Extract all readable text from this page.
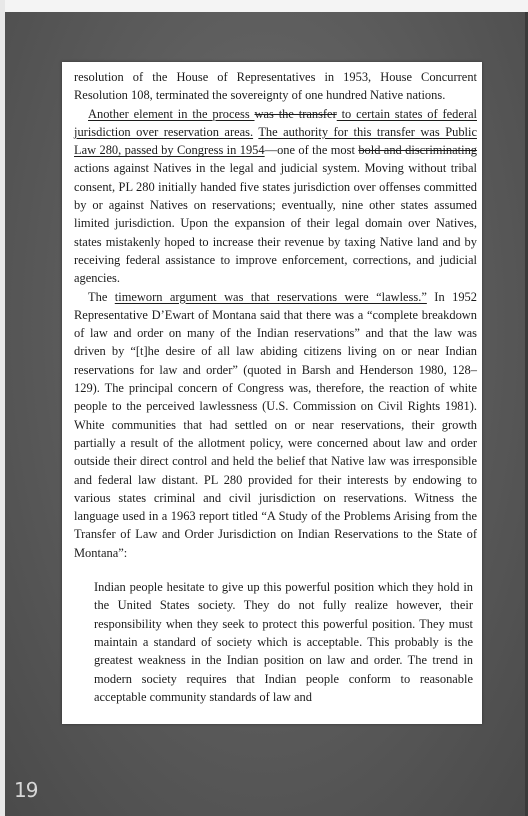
resolution of the House of Representatives in 1953, House Concurrent Resolution 108, terminated the sovereignty of one hundred Native nations.

Another element in the process was the transfer to certain states of federal jurisdiction over reservation areas. The authority for this transfer was Public Law 280, passed by Congress in 1954—one of the most bold and discriminating actions against Natives in the legal and judicial system. Moving without tribal consent, PL 280 initially handed five states jurisdiction over offenses committed by or against Natives on reservations; eventually, nine other states assumed limited jurisdiction. Upon the expansion of their legal domain over Natives, states mistakenly hoped to increase their revenue by taxing Native land and by receiving federal assistance to improve enforcement, corrections, and judicial agencies.

The timeworn argument was that reservations were “lawless.” In 1952 Representative D’Ewart of Montana said that there was a “complete breakdown of law and order on many of the Indian reservations” and that the law was driven by “[t]he desire of all law abiding citizens living on or near Indian reservations for law and order” (quoted in Barsh and Henderson 1980, 128–129). The principal concern of Congress was, therefore, the reaction of white people to the perceived lawlessness (U.S. Commission on Civil Rights 1981). White communities that had settled on or near reservations, their growth partially a result of the allotment policy, were concerned about law and order outside their direct control and held the belief that Native law was irresponsible and federal law distant. PL 280 provided for their interests by endowing to various states criminal and civil jurisdiction on reservations. Witness the language used in a 1963 report titled “A Study of the Problems Arising from the Transfer of Law and Order Jurisdiction on Indian Reservations to the State of Montana”:

Indian people hesitate to give up this powerful position which they hold in the United States society. They do not fully realize however, their responsibility when they seek to protect this powerful position. They must maintain a standard of society which is acceptable. This probably is the greatest weakness in the Indian position on law and order. The trend in modern society requires that Indian people conform to reasonable acceptable community standards of law and

19
